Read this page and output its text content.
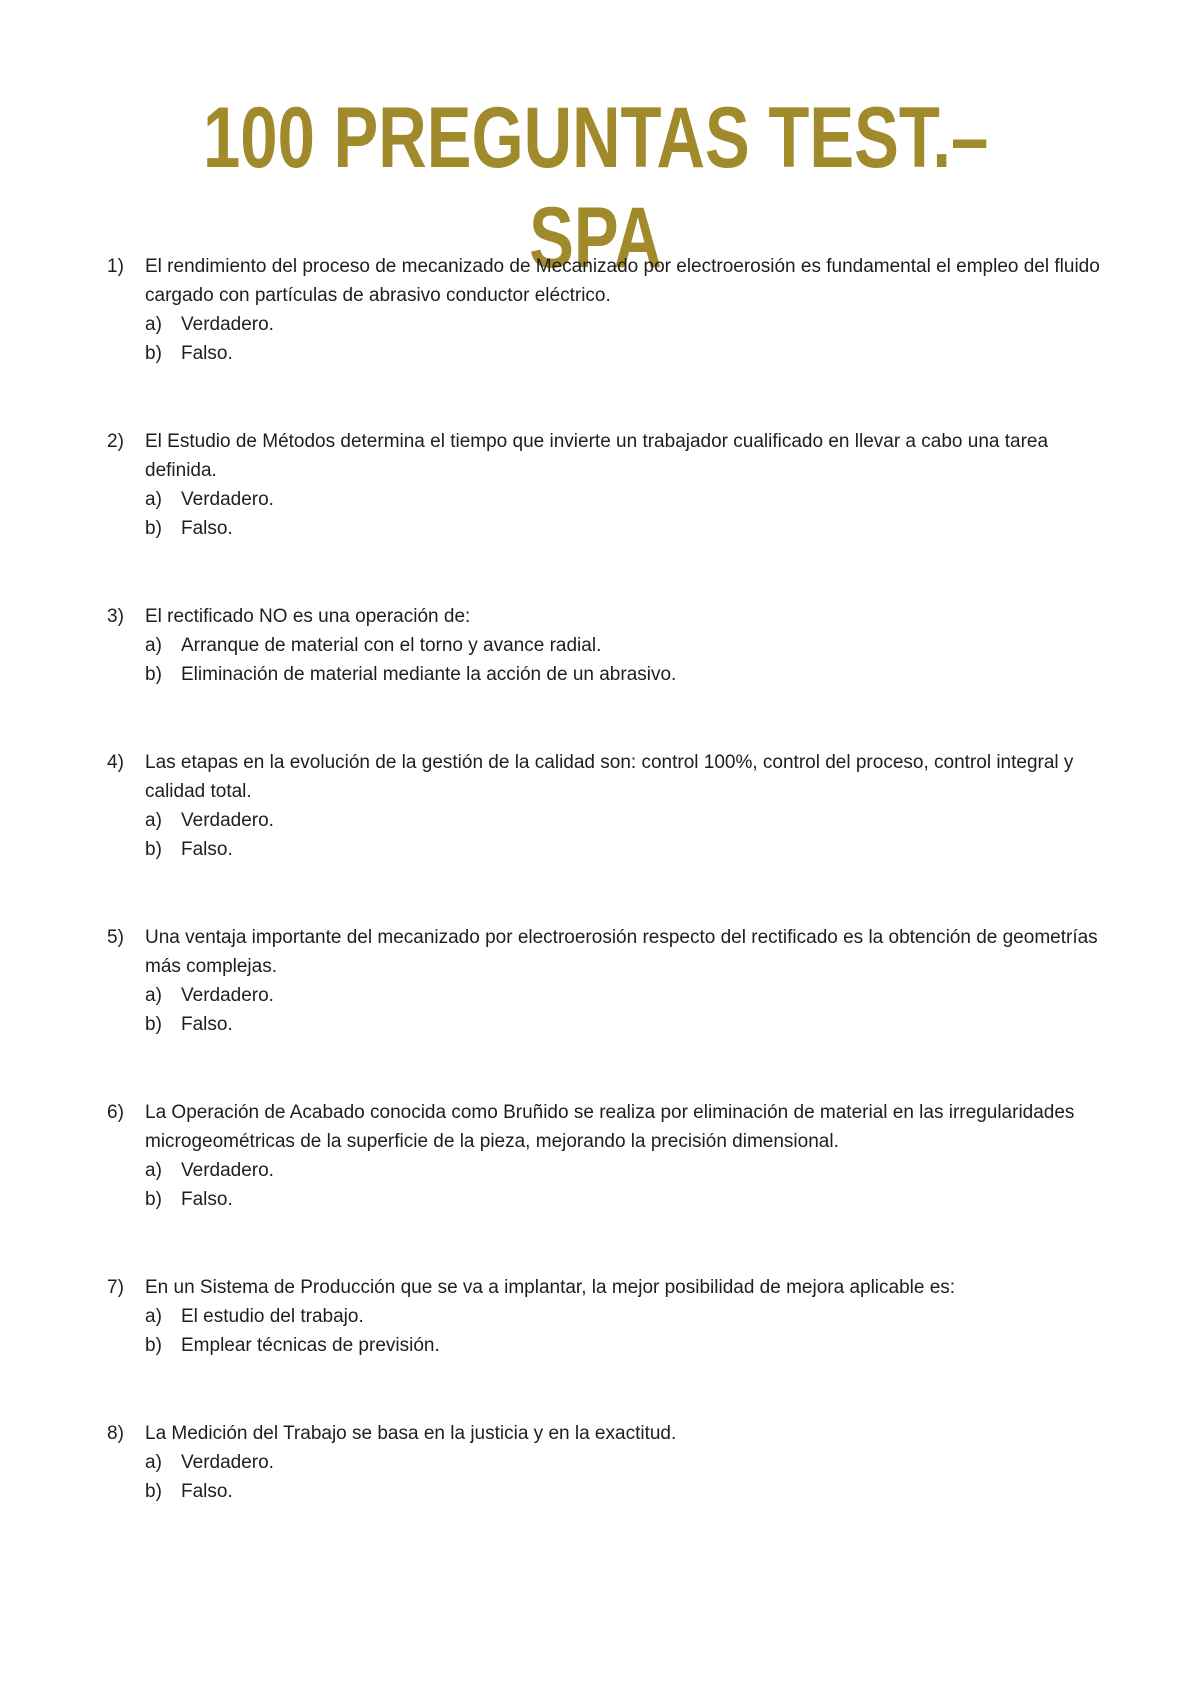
100 PREGUNTAS TEST.– SPA
1)	El rendimiento del proceso de mecanizado de Mecanizado por electroerosión es fundamental el empleo del fluido cargado con partículas de abrasivo conductor eléctrico.
a)	Verdadero.
b)	Falso.
2)	El Estudio de Métodos determina el tiempo que invierte un trabajador cualificado en llevar a cabo una tarea definida.
a)	Verdadero.
b)	Falso.
3)	El rectificado NO es una operación de:
a)	Arranque de material con el torno y avance radial.
b)	Eliminación de material mediante la acción de un abrasivo.
4)	Las etapas en la evolución de la gestión de la calidad son: control 100%, control del proceso, control integral y calidad total.
a)	Verdadero.
b)	Falso.
5)	Una ventaja importante del mecanizado por electroerosión respecto del rectificado es la obtención de geometrías más complejas.
a)	Verdadero.
b)	Falso.
6)	La Operación de Acabado conocida como Bruñido se realiza por eliminación de material en las irregularidades microgeométricas de la superficie de la pieza, mejorando la precisión dimensional.
a)	Verdadero.
b)	Falso.
7)	En un Sistema de Producción que se va a implantar, la mejor posibilidad de mejora aplicable es:
a)	El estudio del trabajo.
b)	Emplear técnicas de previsión.
8)	La Medición del Trabajo se basa en la justicia y en la exactitud.
a)	Verdadero.
b)	Falso.
